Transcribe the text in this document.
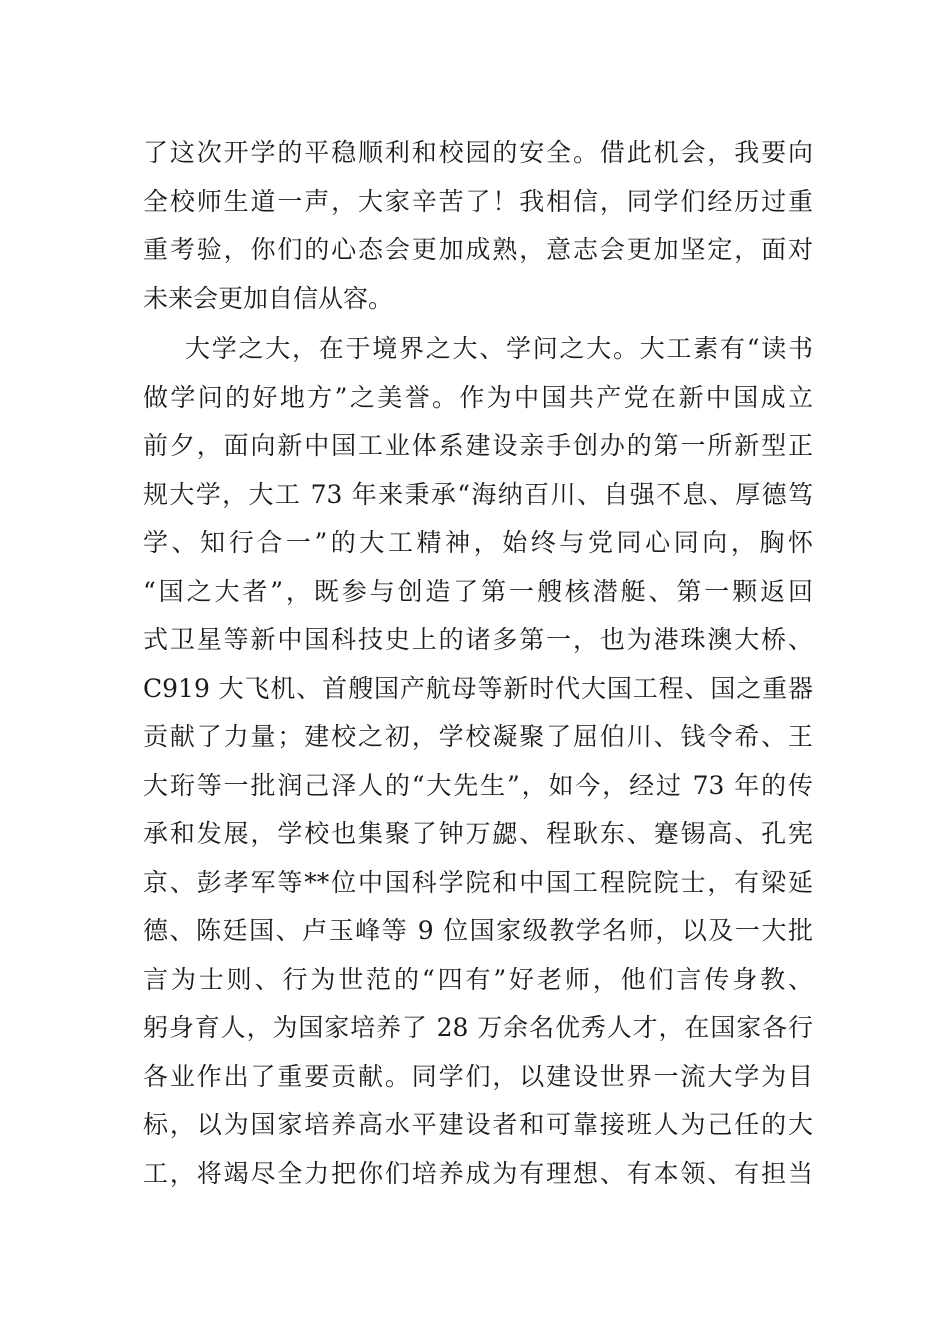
了这次开学的平稳顺利和校园的安全。借此机会，我要向
全校师生道一声，大家辛苦了！我相信，同学们经历过重
重考验，你们的心态会更加成熟，意志会更加坚定，面对
未来会更加自信从容。
大学之大，在于境界之大、学问之大。大工素有“读书
做学问的好地方”之美誉。作为中国共产党在新中国成立
前夕，面向新中国工业体系建设亲手创办的第一所新型正
规大学，大工 73 年来秉承“海纳百川、自强不息、厚德笃
学、知行合一”的大工精神，始终与党同心同向，胸怀
“国之大者”，既参与创造了第一艘核潜艇、第一颗返回
式卫星等新中国科技史上的诸多第一，也为港珠澳大桥、
C919 大飞机、首艘国产航母等新时代大国工程、国之重器
贡献了力量；建校之初，学校凝聚了屈伯川、钱令希、王
大珩等一批润己泽人的“大先生”，如今，经过 73 年的传
承和发展，学校也集聚了钟万勰、程耿东、蹇锡高、孔宪
京、彭孝军等**位中国科学院和中国工程院院士，有梁延
德、陈廷国、卢玉峰等 9 位国家级教学名师，以及一大批
言为士则、行为世范的“四有”好老师，他们言传身教、
躬身育人，为国家培养了 28 万余名优秀人才，在国家各行
各业作出了重要贡献。同学们，以建设世界一流大学为目
标，以为国家培养高水平建设者和可靠接班人为己任的大
工，将竭尽全力把你们培养成为有理想、有本领、有担当
